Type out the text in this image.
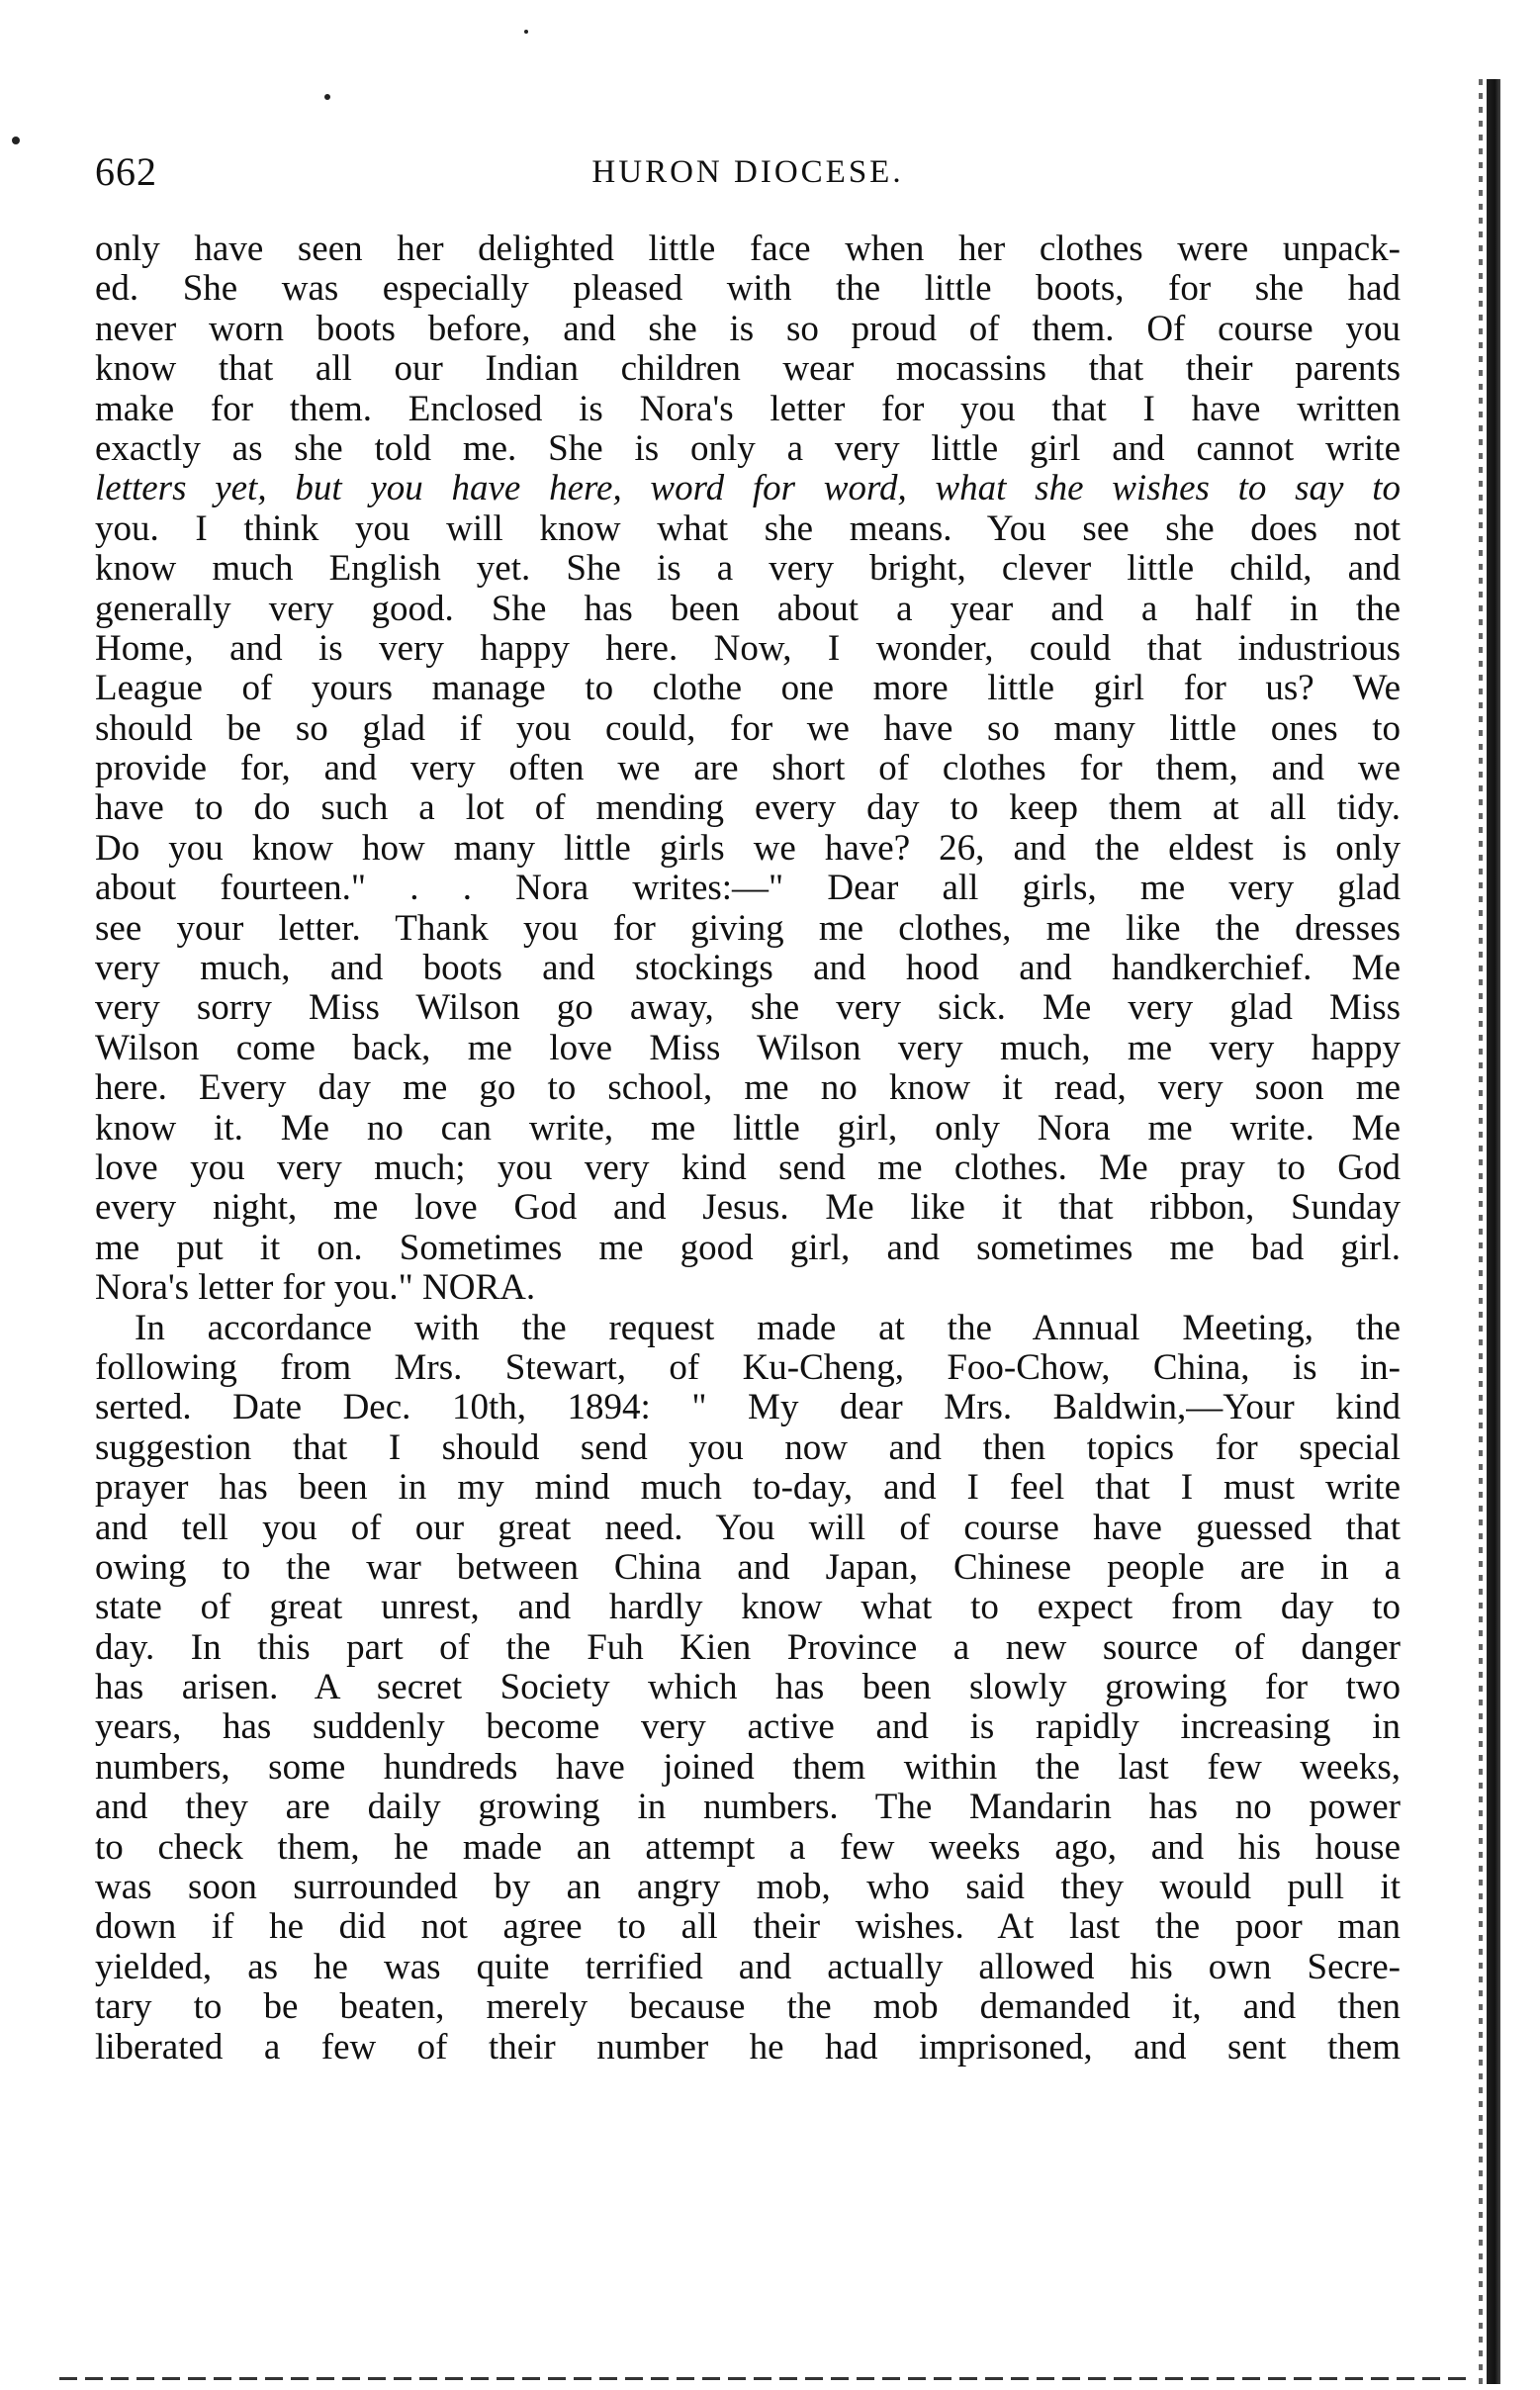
662	HURON DIOCESE.
only have seen her delighted little face when her clothes were unpack-
ed. She was especially pleased with the little boots, for she had
never worn boots before, and she is so proud of them. Of course you
know that all our Indian children wear mocassins that their parents
make for them. Enclosed is Nora's letter for you that I have written
exactly as she told me. She is only a very little girl and cannot write
letters yet, but you have here, word for word, what she wishes to say to
you. I think you will know what she means. You see she does not
know much English yet. She is a very bright, clever little child, and
generally very good. She has been about a year and a half in the
Home, and is very happy here. Now, I wonder, could that industrious
League of yours manage to clothe one more little girl for us? We
should be so glad if you could, for we have so many little ones to
provide for, and very often we are short of clothes for them, and we
have to do such a lot of mending every day to keep them at all tidy.
Do you know how many little girls we have? 26, and the eldest is only
about fourteen." . . Nora writes:—" Dear all girls, me very glad
see your letter. Thank you for giving me clothes, me like the dresses
very much, and boots and stockings and hood and handkerchief. Me
very sorry Miss Wilson go away, she very sick. Me very glad Miss
Wilson come back, me love Miss Wilson very much, me very happy
here. Every day me go to school, me no know it read, very soon me
know it. Me no can write, me little girl, only Nora me write. Me
love you very much; you very kind send me clothes. Me pray to God
every night, me love God and Jesus. Me like it that ribbon, Sunday
me put it on. Sometimes me good girl, and sometimes me bad girl.
Nora's letter for you." NORA.
In accordance with the request made at the Annual Meeting, the
following from Mrs. Stewart, of Ku-Cheng, Foo-Chow, China, is in-
serted. Date Dec. 10th, 1894: " My dear Mrs. Baldwin,—Your kind
suggestion that I should send you now and then topics for special
prayer has been in my mind much to-day, and I feel that I must write
and tell you of our great need. You will of course have guessed that
owing to the war between China and Japan, Chinese people are in a
state of great unrest, and hardly know what to expect from day to
day. In this part of the Fuh Kien Province a new source of danger
has arisen. A secret Society which has been slowly growing for two
years, has suddenly become very active and is rapidly increasing in
numbers, some hundreds have joined them within the last few weeks,
and they are daily growing in numbers. The Mandarin has no power
to check them, he made an attempt a few weeks ago, and his house
was soon surrounded by an angry mob, who said they would pull it
down if he did not agree to all their wishes. At last the poor man
yielded, as he was quite terrified and actually allowed his own Secre-
tary to be beaten, merely because the mob demanded it, and then
liberated a few of their number he had imprisoned, and sent them
